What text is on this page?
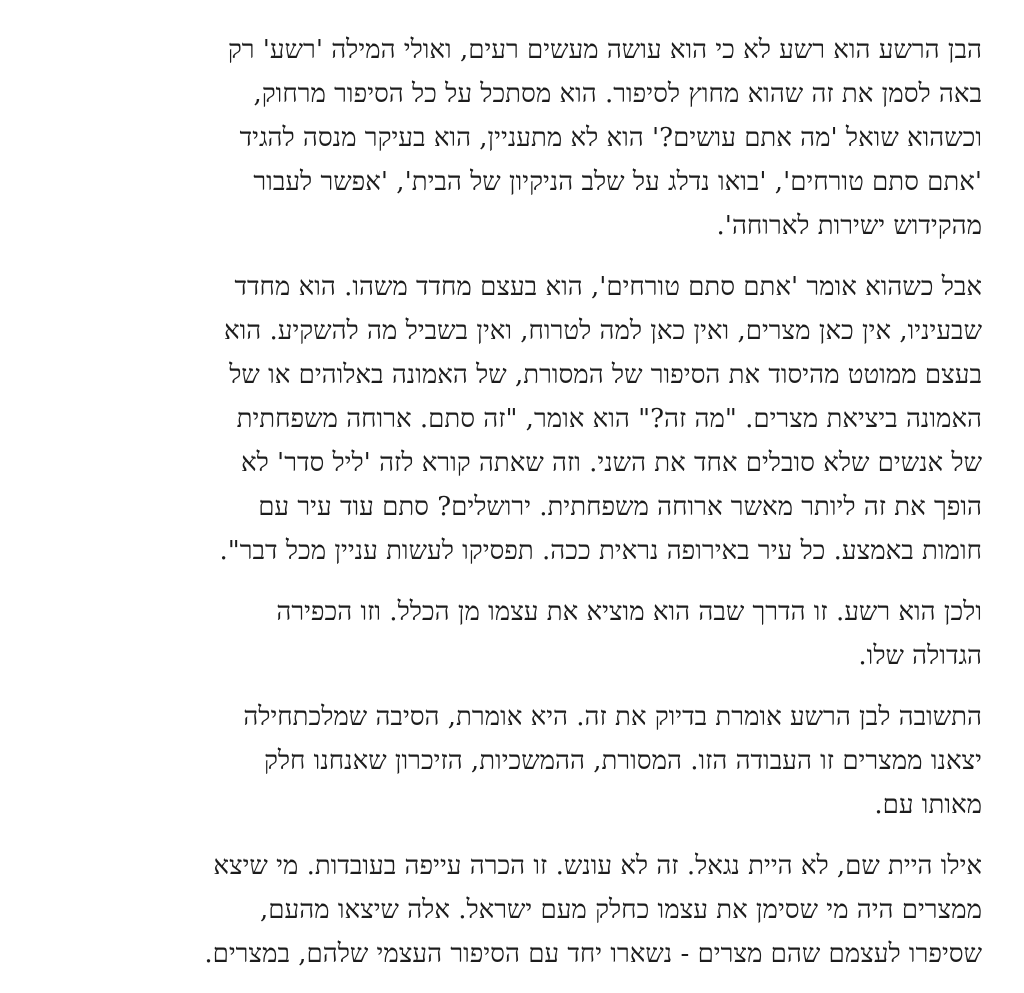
הבן הרשע הוא רשע לא כי הוא עושה מעשים רעים, ואולי המילה 'רשע' רק
באה לסמן את זה שהוא מחוץ לסיפור. הוא מסתכל על כל הסיפור מרחוק,
וכשהוא שואל 'מה אתם עושים?' הוא לא מתעניין, הוא בעיקר מנסה להגיד
'אתם סתם טורחים', 'בואו נדלג על שלב הניקיון של הבית', 'אפשר לעבור
מהקידוש ישירות לארוחה'.
אבל כשהוא אומר 'אתם סתם טורחים', הוא בעצם מחדד משהו. הוא מחדד
שבעיניו, אין כאן מצרים, ואין כאן למה לטרוח, ואין בשביל מה להשקיע. הוא
בעצם ממוטט מהיסוד את הסיפור של המסורת, של האמונה באלוהים או של
האמונה ביציאת מצרים. "מה זה?" הוא אומר, "זה סתם. ארוחה משפחתית
של אנשים שלא סובלים אחד את השני. וזה שאתה קורא לזה 'ליל סדר' לא
הופך את זה ליותר מאשר ארוחה משפחתית. ירושלים? סתם עוד עיר עם
חומות באמצע. כל עיר באירופה נראית ככה. תפסיקו לעשות עניין מכל דבר".
ולכן הוא רשע. זו הדרך שבה הוא מוציא את עצמו מן הכלל. וזו הכפירה
הגדולה שלו.
התשובה לבן הרשע אומרת בדיוק את זה. היא אומרת, הסיבה שמלכתחילה
יצאנו ממצרים זו העבודה הזו. המסורת, ההמשכיות, הזיכרון שאנחנו חלק
מאותו עם.
אילו היית שם, לא היית נגאל. זה לא עונש. זו הכרה עייפה בעובדות. מי שיצא
ממצרים היה מי שסימן את עצמו כחלק מעם ישראל. אלה שיצאו מהעם,
שסיפרו לעצמם שהם מצרים - נשארו יחד עם הסיפור העצמי שלהם, במצרים.
